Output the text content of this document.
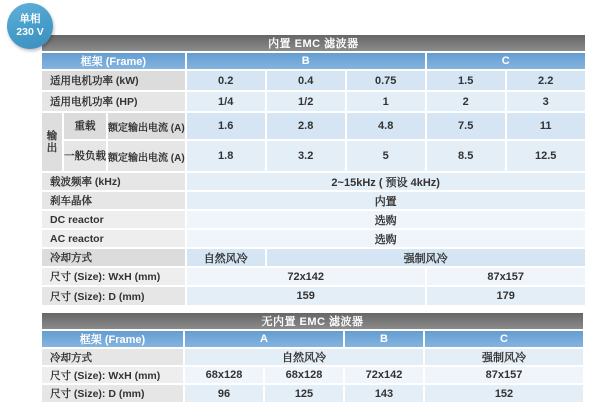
单相
230 V
内置 EMC 滤波器							
框架 (Frame)			B			C	
适用电机功率 (kW)			0.2	0.4	0.75	1.5	2.2
适用电机功率 (HP)			1/4	1/2	1	2	3
输出	重载	额定输出电流 (A)	1.6	2.8	4.8	7.5	11
	一般负载	额定输出电流 (A)	1.8	3.2	5	8.5	12.5
载波频率 (kHz)			2~15kHz ( 预设 4kHz)				
刹车晶体			内置				
DC reactor			选购				
AC reactor			选购				
冷却方式			自然风冷	强制风冷			
尺寸 (Size): WxH (mm)			72x142			87x157	
尺寸 (Size): D (mm)			159			179	
无内置 EMC 滤波器				
框架 (Frame)	A		B	C
冷却方式	自然风冷			强制风冷
尺寸 (Size): WxH (mm)	68x128	68x128	72x142	87x157
尺寸 (Size): D (mm)	96	125	143	152
